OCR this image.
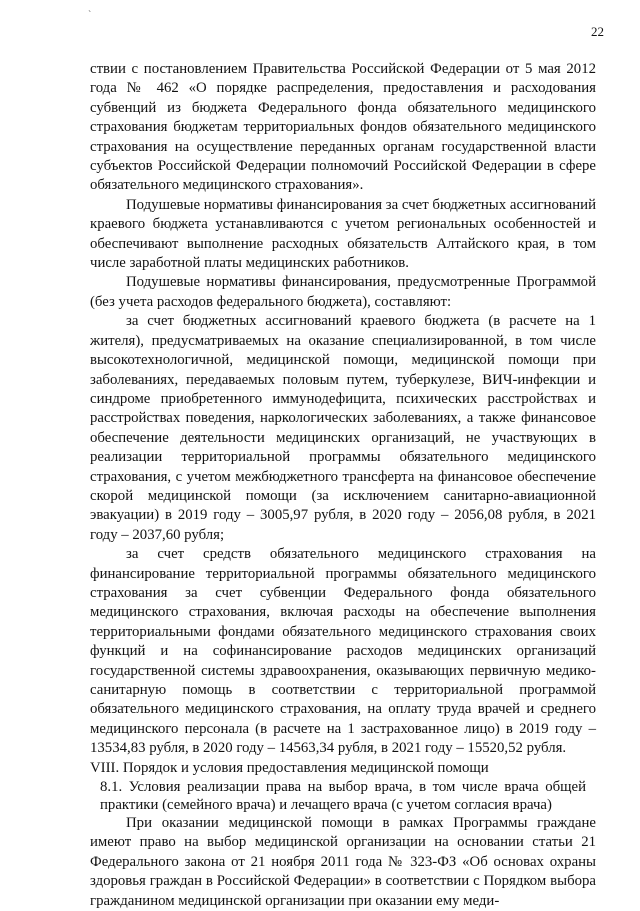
`
22

ствии с постановлением Правительства Российской Федерации от 5 мая 2012 года № 462 «О порядке распределения, предоставления и расходования субвенций из бюджета Федерального фонда обязательного медицинского страхования бюджетам территориальных фондов обязательного медицинского страхования на осуществление переданных органам государственной власти субъектов Российской Федерации полномочий Российской Федерации в сфере обязательного медицинского страхования».

Подушевые нормативы финансирования за счет бюджетных ассигнований краевого бюджета устанавливаются с учетом региональных особенностей и обеспечивают выполнение расходных обязательств Алтайского края, в том числе заработной платы медицинских работников.

Подушевые нормативы финансирования, предусмотренные Программой (без учета расходов федерального бюджета), составляют:

за счет бюджетных ассигнований краевого бюджета (в расчете на 1 жителя), предусматриваемых на оказание специализированной, в том числе высокотехнологичной, медицинской помощи, медицинской помощи при заболеваниях, передаваемых половым путем, туберкулезе, ВИЧ-инфекции и синдроме приобретенного иммунодефицита, психических расстройствах и расстройствах поведения, наркологических заболеваниях, а также финансовое обеспечение деятельности медицинских организаций, не участвующих в реализации территориальной программы обязательного медицинского страхования, с учетом межбюджетного трансферта на финансовое обеспечение скорой медицинской помощи (за исключением санитарно-авиационной эвакуации) в 2019 году – 3005,97 рубля, в 2020 году – 2056,08 рубля, в 2021 году – 2037,60 рубля;

за счет средств обязательного медицинского страхования на финансирование территориальной программы обязательного медицинского страхования за счет субвенции Федерального фонда обязательного медицинского страхования, включая расходы на обеспечение выполнения территориальными фондами обязательного медицинского страхования своих функций и на софинансирование расходов медицинских организаций государственной системы здравоохранения, оказывающих первичную медико-санитарную помощь в соответствии с территориальной программой обязательного медицинского страхования, на оплату труда врачей и среднего медицинского персонала (в расчете на 1 застрахованное лицо) в 2019 году – 13534,83 рубля, в 2020 году – 14563,34 рубля, в 2021 году – 15520,52 рубля.

VIII. Порядок и условия предоставления медицинской помощи

8.1. Условия реализации права на выбор врача, в том числе врача общей практики (семейного врача) и лечащего врача (с учетом согласия врача)

При оказании медицинской помощи в рамках Программы граждане имеют право на выбор медицинской организации на основании статьи 21 Федерального закона от 21 ноября 2011 года № 323-ФЗ «Об основах охраны здоровья граждан в Российской Федерации» в соответствии с Порядком выбора гражданином медицинской организации при оказании ему меди-
